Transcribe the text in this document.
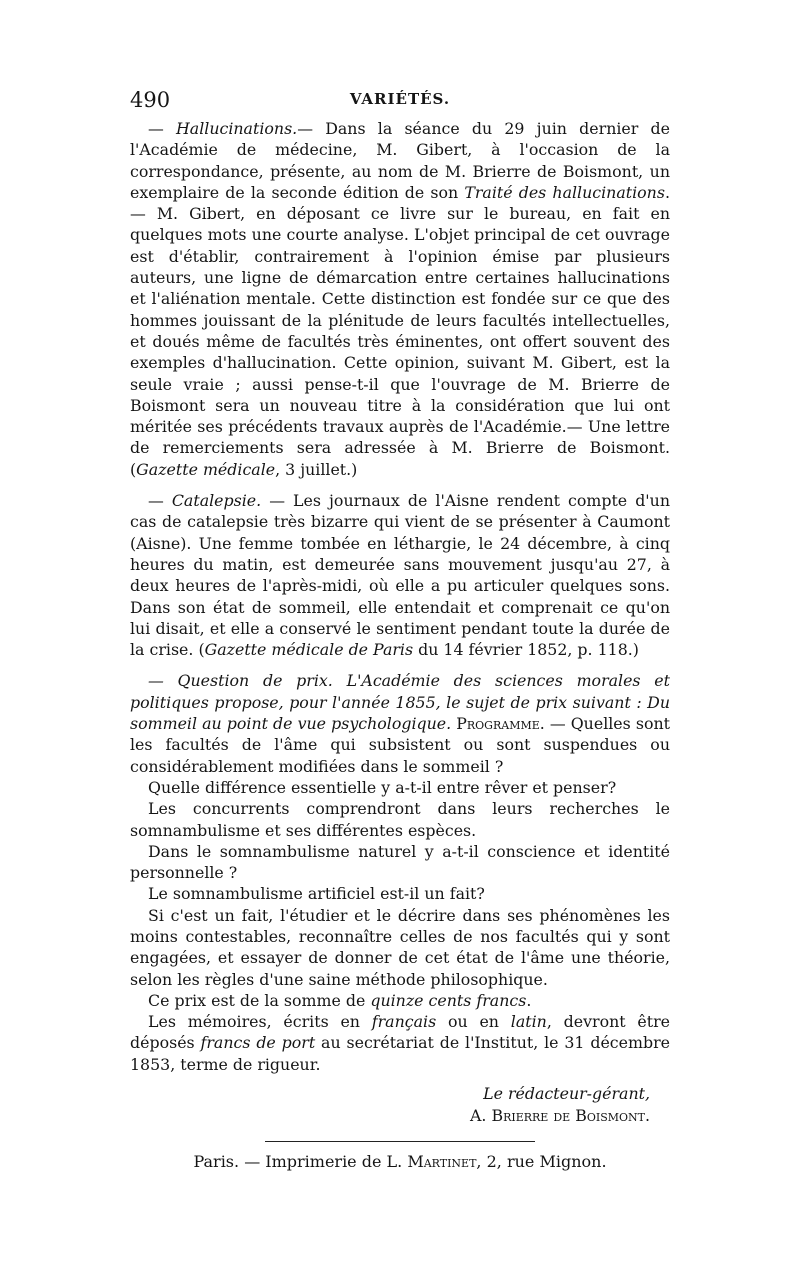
490	VARIÉTÉS.

— Hallucinations.— Dans la séance du 29 juin dernier de l'Académie de médecine, M. Gibert, à l'occasion de la correspondance, présente, au nom de M. Brierre de Boismont, un exemplaire de la seconde édition de son Traité des hallucinations. — M. Gibert, en déposant ce livre sur le bureau, en fait en quelques mots une courte analyse. L'objet principal de cet ouvrage est d'établir, contrairement à l'opinion émise par plusieurs auteurs, une ligne de démarcation entre certaines hallucinations et l'aliénation mentale. Cette distinction est fondée sur ce que des hommes jouissant de la plénitude de leurs facultés intellectuelles, et doués même de facultés très éminentes, ont offert souvent des exemples d'hallucination. Cette opinion, suivant M. Gibert, est la seule vraie ; aussi pense-t-il que l'ouvrage de M. Brierre de Boismont sera un nouveau titre à la considération que lui ont méritée ses précédents travaux auprès de l'Académie.— Une lettre de remerciements sera adressée à M. Brierre de Boismont. (Gazette médicale, 3 juillet.)

— Catalepsie. — Les journaux de l'Aisne rendent compte d'un cas de catalepsie très bizarre qui vient de se présenter à Caumont (Aisne). Une femme tombée en léthargie, le 24 décembre, à cinq heures du matin, est demeurée sans mouvement jusqu'au 27, à deux heures de l'après-midi, où elle a pu articuler quelques sons. Dans son état de sommeil, elle entendait et comprenait ce qu'on lui disait, et elle a conservé le sentiment pendant toute la durée de la crise. (Gazette médicale de Paris du 14 février 1852, p. 118.)

— Question de prix. L'Académie des sciences morales et politiques propose, pour l'année 1855, le sujet de prix suivant : Du sommeil au point de vue psychologique. Programme. — Quelles sont les facultés de l'âme qui subsistent ou sont suspendues ou considérablement modifiées dans le sommeil ?

Quelle différence essentielle y a-t-il entre rêver et penser?

Les concurrents comprendront dans leurs recherches le somnambulisme et ses différentes espèces.

Dans le somnambulisme naturel y a-t-il conscience et identité personnelle ?

Le somnambulisme artificiel est-il un fait?

Si c'est un fait, l'étudier et le décrire dans ses phénomènes les moins contestables, reconnaître celles de nos facultés qui y sont engagées, et essayer de donner de cet état de l'âme une théorie, selon les règles d'une saine méthode philosophique.

Ce prix est de la somme de quinze cents francs.

Les mémoires, écrits en français ou en latin, devront être déposés francs de port au secrétariat de l'Institut, le 31 décembre 1853, terme de rigueur.

Le rédacteur-gérant,
A. Brierre de Boismont.
Paris. — Imprimerie de L. Martinet, 2, rue Mignon.
